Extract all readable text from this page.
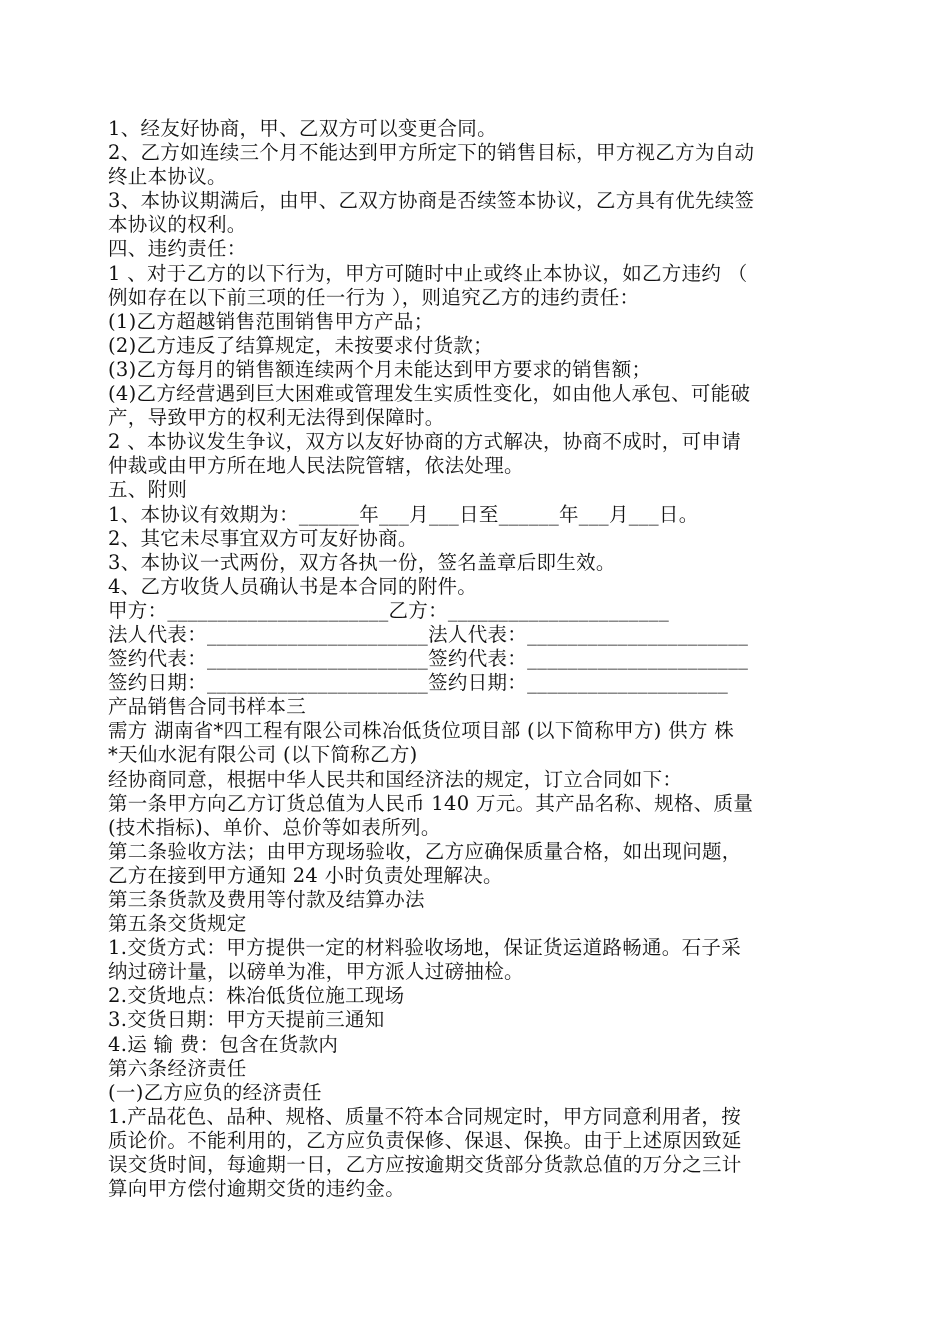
1、经友好协商，甲、乙双方可以变更合同。
2、乙方如连续三个月不能达到甲方所定下的销售目标，甲方视乙方为自动
终止本协议。
3、本协议期满后，由甲、乙双方协商是否续签本协议，乙方具有优先续签
本协议的权利。
四、违约责任：
1 、对于乙方的以下行为，甲方可随时中止或终止本协议，如乙方违约 （
例如存在以下前三项的任一行为 ），则追究乙方的违约责任：
(1)乙方超越销售范围销售甲方产品；
(2)乙方违反了结算规定，未按要求付货款；
(3)乙方每月的销售额连续两个月未能达到甲方要求的销售额；
(4)乙方经营遇到巨大困难或管理发生实质性变化，如由他人承包、可能破
产，导致甲方的权利无法得到保障时。
2 、本协议发生争议，双方以友好协商的方式解决，协商不成时，可申请
仲裁或由甲方所在地人民法院管辖，依法处理。
五、附则
1、本协议有效期为：______年___月___日至______年___月___日。
2、其它未尽事宜双方可友好协商。
3、本协议一式两份，双方各执一份，签名盖章后即生效。
4、乙方收货人员确认书是本合同的附件。
甲方：______________________乙方：______________________
法人代表：______________________法人代表：______________________
签约代表：______________________签约代表：______________________
签约日期：______________________签约日期：____________________
产品销售合同书样本三
需方 湖南省*四工程有限公司株冶低货位项目部 (以下简称甲方) 供方 株
*天仙水泥有限公司 (以下简称乙方)
经协商同意，根据中华人民共和国经济法的规定，订立合同如下：
第一条甲方向乙方订货总值为人民币 140 万元。其产品名称、规格、质量
(技术指标)、单价、总价等如表所列。
第二条验收方法；由甲方现场验收，乙方应确保质量合格，如出现问题，
乙方在接到甲方通知 24 小时负责处理解决。
第三条货款及费用等付款及结算办法
第五条交货规定
1.交货方式：甲方提供一定的材料验收场地，保证货运道路畅通。石子采
纳过磅计量，以磅单为准，甲方派人过磅抽检。
2.交货地点：株冶低货位施工现场
3.交货日期：甲方天提前三通知
4.运 输 费：包含在货款内
第六条经济责任
(一)乙方应负的经济责任
1.产品花色、品种、规格、质量不符本合同规定时，甲方同意利用者，按
质论价。不能利用的，乙方应负责保修、保退、保换。由于上述原因致延
误交货时间，每逾期一日，乙方应按逾期交货部分货款总值的万分之三计
算向甲方偿付逾期交货的违约金。
